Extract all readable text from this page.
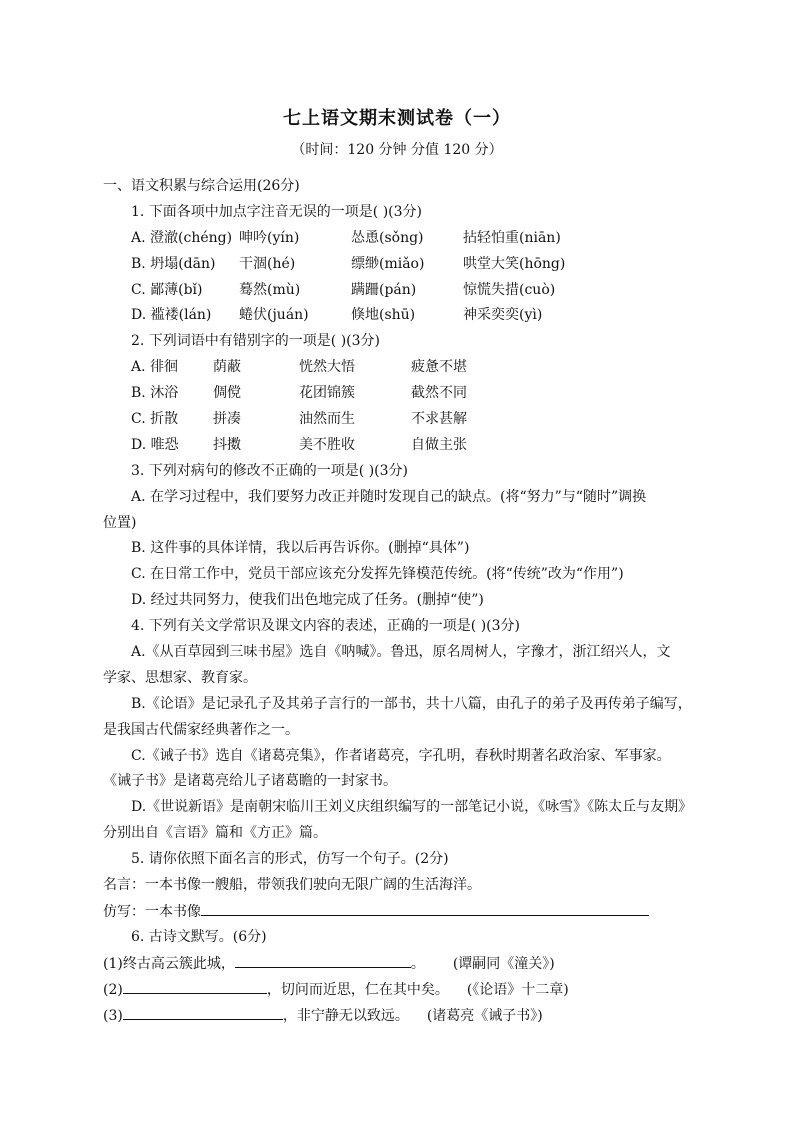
七上语文期末测试卷（一）
（时间：120 分钟 分值 120 分）
一、语文积累与综合运用(26分)
1. 下面各项中加点字注音无误的一项是( )(3分)
A. 澄澈(chéng) 呻吟(yín)	怂恿(sǒng)	拈轻怕重(niān)
B. 坍塌(dān) 干涸(hé)	缥缈(miǎo)	哄堂大笑(hōng)
C. 鄙薄(bǐ)	蓦然(mù)	蹒跚(pán)	惊慌失措(cuò)
D. 褴褛(lán) 蜷伏(juán)	倏地(shū)	神采奕奕(yì)
2. 下列词语中有错别字的一项是( )(3分)
A. 徘徊 荫蔽	恍然大悟	疲惫不堪
B. 沐浴 倜傥	花团锦簇	截然不同
C. 折散 拼凑	油然而生	不求甚解
D. 唯恐 抖擞	美不胜收	自做主张
3. 下列对病句的修改不正确的一项是( )(3分)
A. 在学习过程中，我们要努力改正并随时发现自己的缺点。(将“努力”与“随时”调换
位置)
B. 这件事的具体详情，我以后再告诉你。(删掉“具体”)
C. 在日常工作中，党员干部应该充分发挥先锋模范传统。(将“传统”改为“作用”)
D. 经过共同努力，使我们出色地完成了任务。(删掉“使”)
4. 下列有关文学常识及课文内容的表述，正确的一项是( )(3分)
A.《从百草园到三味书屋》选自《呐喊》。鲁迅，原名周树人，字豫才，浙江绍兴人，文
学家、思想家、教育家。
B.《论语》是记录孔子及其弟子言行的一部书，共十八篇，由孔子的弟子及再传弟子编写，
是我国古代儒家经典著作之一。
C.《诫子书》选自《诸葛亮集》，作者诸葛亮，字孔明，春秋时期著名政治家、军事家。
《诫子书》是诸葛亮给儿子诸葛瞻的一封家书。
D.《世说新语》是南朝宋临川王刘义庆组织编写的一部笔记小说，《咏雪》《陈太丘与友期》
分别出自《言语》篇和《方正》篇。
5. 请你依照下面名言的形式，仿写一个句子。(2分)
名言：一本书像一艘船，带领我们驶向无限广阔的生活海洋。
仿写：一本书像
6. 古诗文默写。(6分)
(1)终古高云簇此城，	。 (谭嗣同《潼关》)
(2)	，切问而近思，仁在其中矣。 (《论语》十二章)
(3)	，非宁静无以致远。 (诸葛亮《诫子书》)
